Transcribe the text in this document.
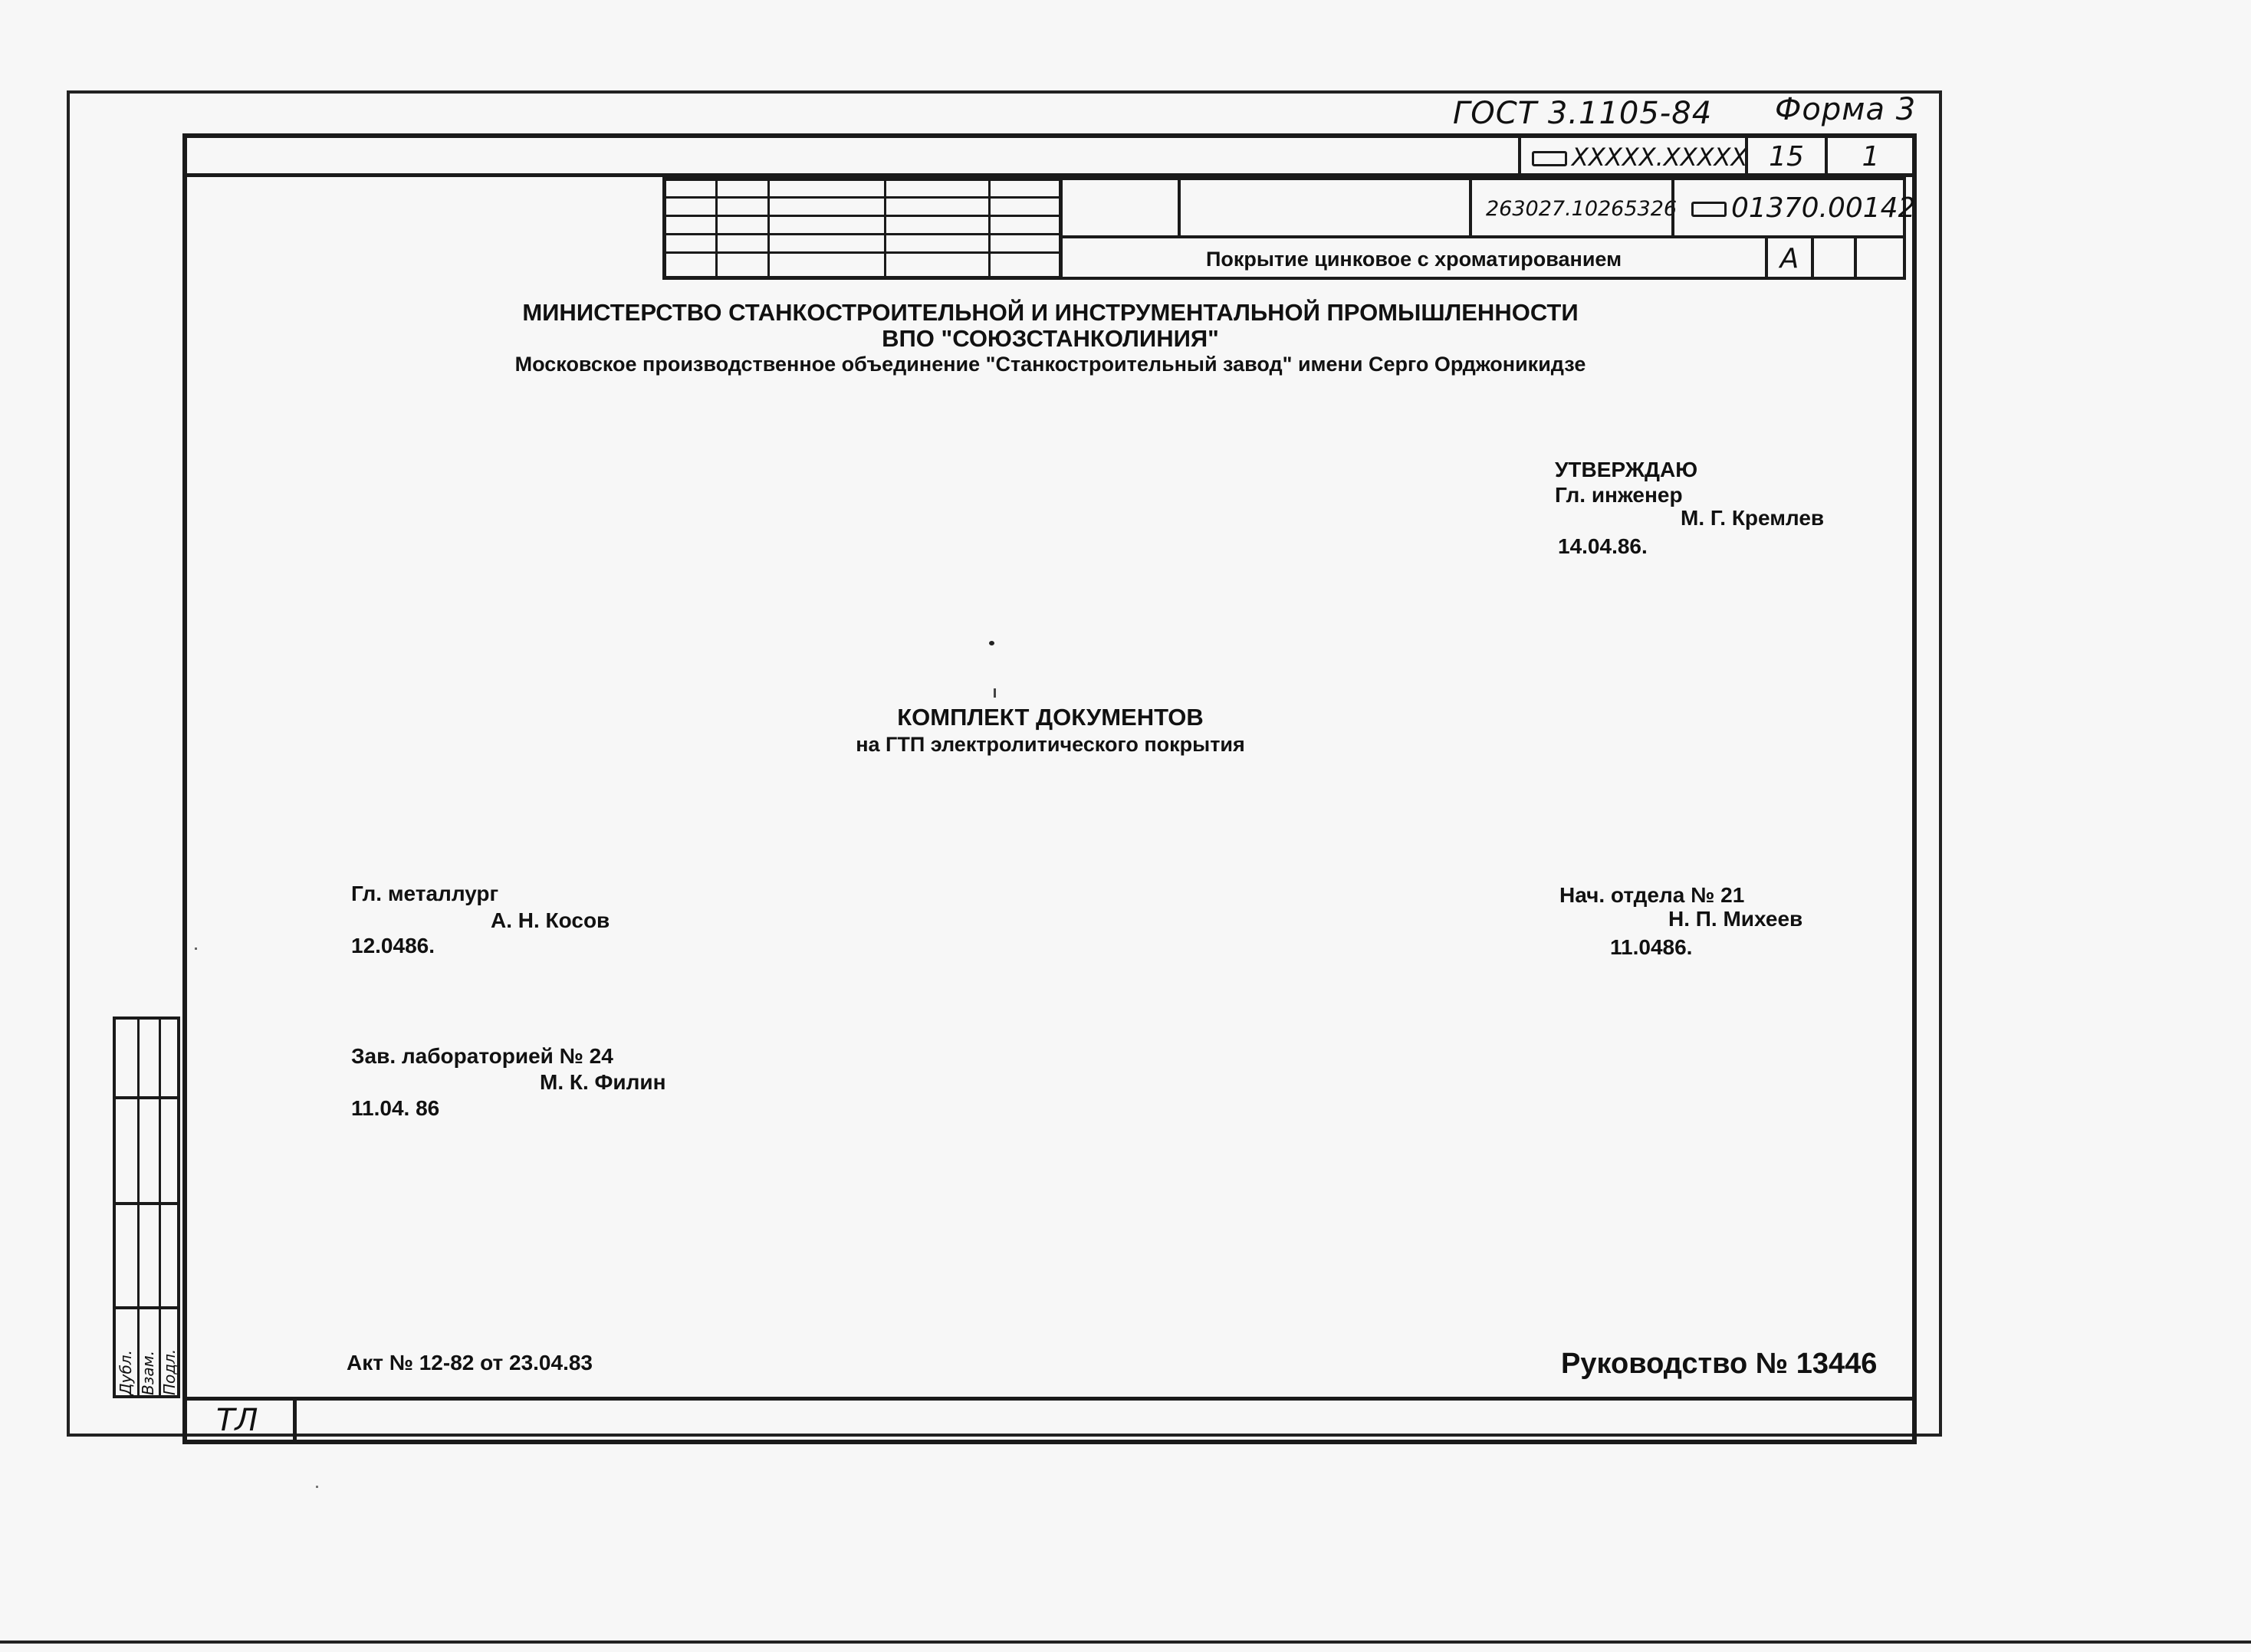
ГОСТ 3.1105-84 Форма 3
XXXXX.XXXXX 15	1
263027.10265326	01370.00142
Покрытие цинковое с хроматированием	А
МИНИСТЕРСТВО СТАНКОСТРОИТЕЛЬНОЙ И ИНСТРУМЕНТАЛЬНОЙ ПРОМЫШЛЕННОСТИ
ВПО "СОЮЗСТАНКОЛИНИЯ"
Московское производственное объединение "Станкостроительный завод" имени Серго Орджоникидзе
УТВЕРЖДАЮ
Гл. инженер
М. Г. Кремлев
14.04.86.
КОМПЛЕКТ ДОКУМЕНТОВ
на ГТП электролитического покрытия
Гл. металлург
А. Н. Косов
12.0486.
Нач. отдела № 21
Н. П. Михеев
11.0486.
Зав. лабораторией № 24
М. К. Филин
11.04. 86
Дубл. Взам. Подл.	Акт № 12-82 от 23.04.83	Руководство № 13446
ТЛ
